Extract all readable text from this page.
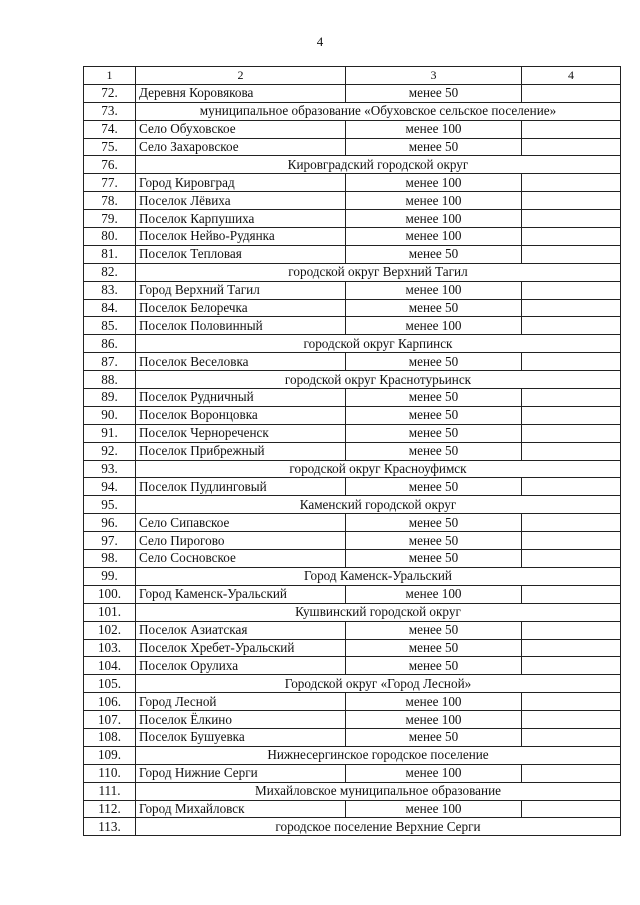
4
1	2	3	4
72.	Деревня Коровякова	менее 50	
73.	муниципальное образование «Обуховское сельское поселение»		
74.	Село Обуховское	менее 100	
75.	Село Захаровское	менее 50	
76.	Кировградский городской округ		
77.	Город Кировград	менее 100	
78.	Поселок Лёвиха	менее 100	
79.	Поселок Карпушиха	менее 100	
80.	Поселок Нейво-Рудянка	менее 100	
81.	Поселок Тепловая	менее 50	
82.	городской округ Верхний Тагил		
83.	Город Верхний Тагил	менее 100	
84.	Поселок Белоречка	менее 50	
85.	Поселок Половинный	менее 100	
86.	городской округ Карпинск		
87.	Поселок Веселовка	менее 50	
88.	городской округ Краснотурьинск		
89.	Поселок Рудничный	менее 50	
90.	Поселок Воронцовка	менее 50	
91.	Поселок Чернореченск	менее 50	
92.	Поселок Прибрежный	менее 50	
93.	городской округ Красноуфимск		
94.	Поселок Пудлинговый	менее 50	
95.	Каменский городской округ		
96.	Село Сипавское	менее 50	
97.	Село Пирогово	менее 50	
98.	Село Сосновское	менее 50	
99.	Город Каменск-Уральский		
100.	Город Каменск-Уральский	менее 100	
101.	Кушвинский городской округ		
102.	Поселок Азиатская	менее 50	
103.	Поселок Хребет-Уральский	менее 50	
104.	Поселок Орулиха	менее 50	
105.	Городской округ «Город Лесной»		
106.	Город Лесной	менее 100	
107.	Поселок Ёлкино	менее 100	
108.	Поселок Бушуевка	менее 50	
109.	Нижнесергинское городское поселение		
110.	Город Нижние Серги	менее 100	
111.	Михайловское муниципальное образование		
112.	Город Михайловск	менее 100	
113.	городское поселение Верхние Серги		
